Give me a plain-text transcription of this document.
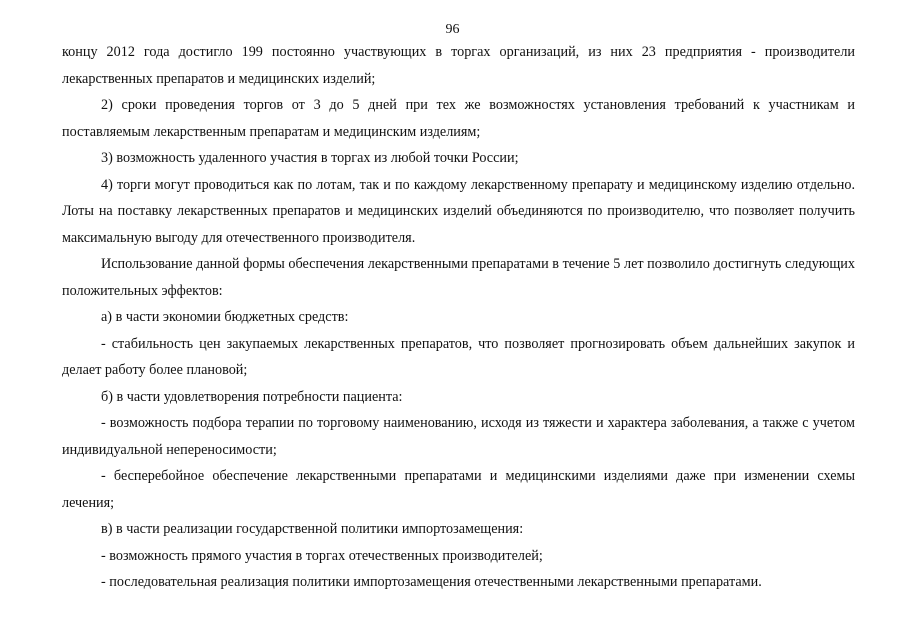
96

концу 2012 года достигло 199 постоянно участвующих в торгах организаций, из них 23 предприятия - производители лекарственных препаратов и медицинских изделий;

2) сроки проведения торгов от 3 до 5 дней при тех же возможностях установления требований к участникам и поставляемым лекарственным препаратам и медицинским изделиям;

3) возможность удаленного участия в торгах из любой точки России;

4) торги могут проводиться как по лотам, так и по каждому лекарственному препарату и медицинскому изделию отдельно. Лоты на поставку лекарственных препаратов и медицинских изделий объединяются по производителю, что позволяет получить максимальную выгоду для отечественного производителя.

Использование данной формы обеспечения лекарственными препаратами в течение 5 лет позволило достигнуть следующих положительных эффектов:

а) в части экономии бюджетных средств:

- стабильность цен закупаемых лекарственных препаратов, что позволяет прогнозировать объем дальнейших закупок и делает работу более плановой;

б) в части удовлетворения потребности пациента:

- возможность подбора терапии по торговому наименованию, исходя из тяжести и характера заболевания, а также с учетом индивидуальной непереносимости;

- бесперебойное обеспечение лекарственными препаратами и медицинскими изделиями даже при изменении схемы лечения;

в) в части реализации государственной политики импортозамещения:

- возможность прямого участия в торгах отечественных производителей;

- последовательная реализация политики импортозамещения отечественными лекарственными препаратами.
